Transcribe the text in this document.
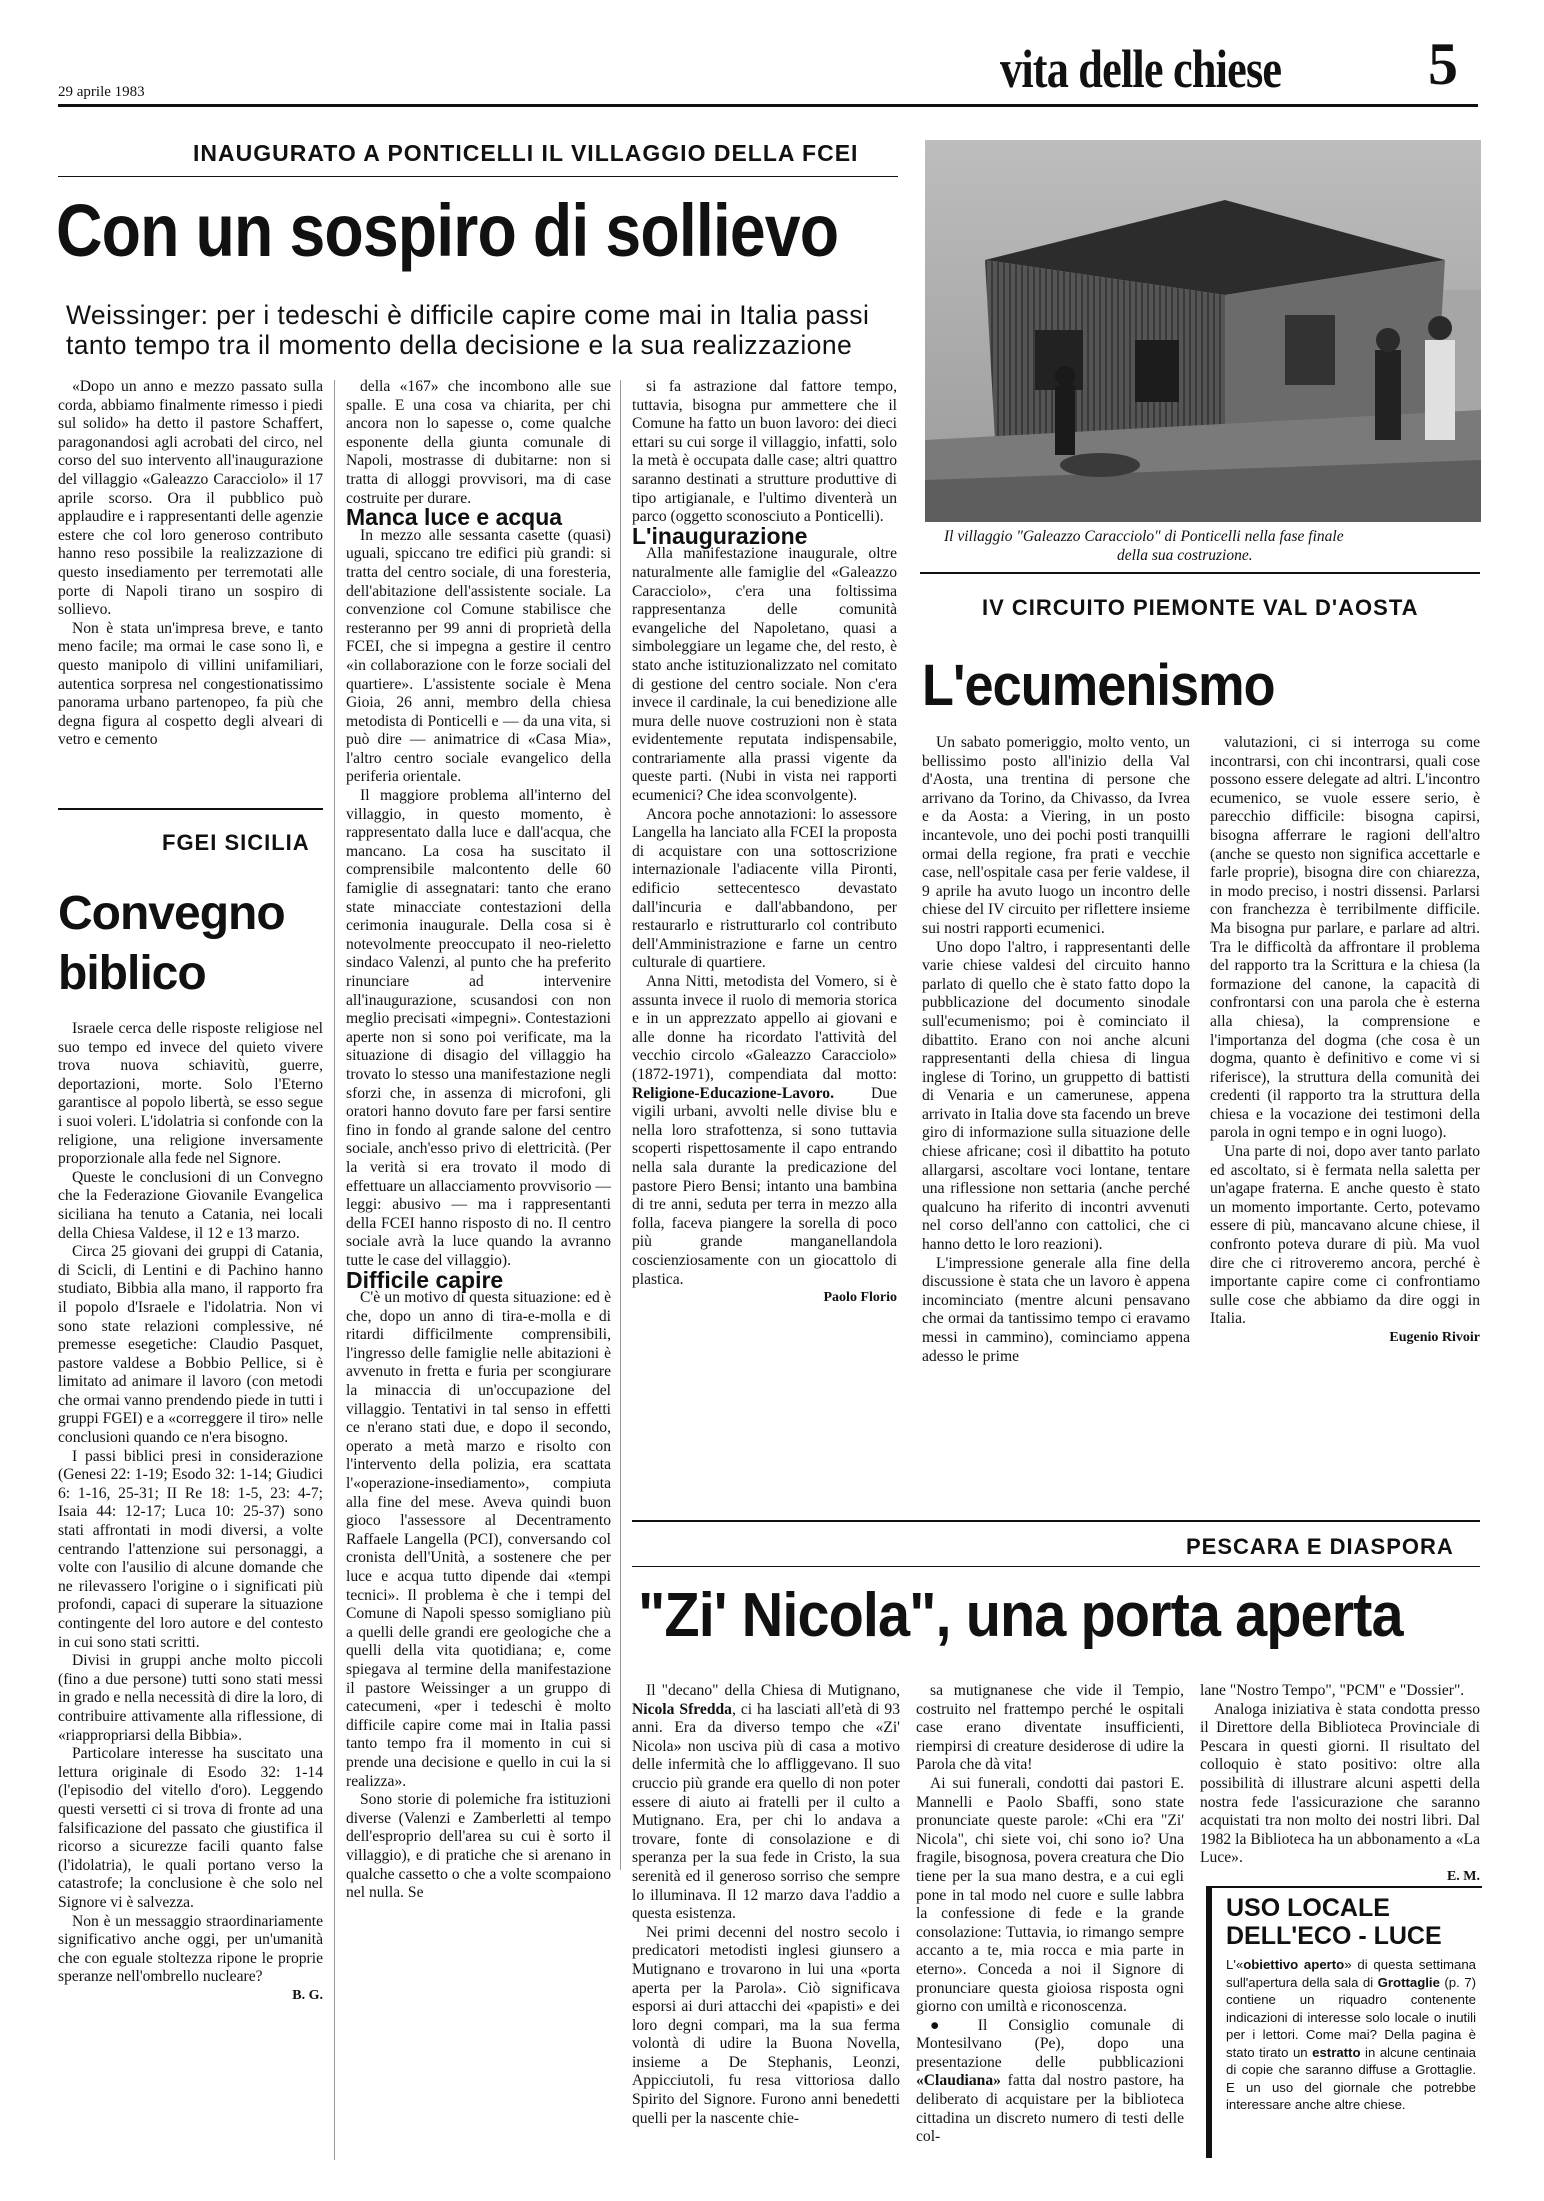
29 aprile 1983	vita delle chiese 5
INAUGURATO A PONTICELLI IL VILLAGGIO DELLA FCEI
Con un sospiro di sollievo
Weissinger: per i tedeschi è difficile capire come mai in Italia passi
tanto tempo tra il momento della decisione e la sua realizzazione
Il villaggio "Galeazzo Caracciolo" di Ponticelli nella fase finale
della sua costruzione.

«Dopo un anno e mezzo passato sulla corda, abbiamo finalmente rimesso i piedi sul solido» ha detto il pastore Schaffert, paragonandosi agli acrobati del circo, nel corso del suo intervento all'inaugurazione del villaggio «Galeazzo Caracciolo» il 17 aprile scorso. Ora il pubblico può applaudire e i rappresentanti delle agenzie estere che col loro generoso contributo hanno reso possibile la realizzazione di questo insediamento per terremotati alle porte di Napoli tirano un sospiro di sollievo.

Non è stata un'impresa breve, e tanto meno facile; ma ormai le case sono lì, e questo manipolo di villini unifamiliari, autentica sorpresa nel congestionatissimo panorama urbano partenopeo, fa più che degna figura al cospetto degli alveari di vetro e cemento

FGEI SICILIA
Convegno
biblico

Israele cerca delle risposte religiose nel suo tempo ed invece del quieto vivere trova nuova schiavitù, guerre, deportazioni, morte. Solo l'Eterno garantisce al popolo libertà, se esso segue i suoi voleri. L'idolatria si confonde con la religione, una religione inversamente proporzionale alla fede nel Signore.

Queste le conclusioni di un Convegno che la Federazione Giovanile Evangelica siciliana ha tenuto a Catania, nei locali della Chiesa Valdese, il 12 e 13 marzo.

Circa 25 giovani dei gruppi di Catania, di Scicli, di Lentini e di Pachino hanno studiato, Bibbia alla mano, il rapporto fra il popolo d'Israele e l'idolatria. Non vi sono state relazioni complessive, né premesse esegetiche: Claudio Pasquet, pastore valdese a Bobbio Pellice, si è limitato ad animare il lavoro (con metodi che ormai vanno prendendo piede in tutti i gruppi FGEI) e a «correggere il tiro» nelle conclusioni quando ce n'era bisogno.

I passi biblici presi in considerazione (Genesi 22: 1-19; Esodo 32: 1-14; Giudici 6: 1-16, 25-31; II Re 18: 1-5, 23: 4-7; Isaia 44: 12-17; Luca 10: 25-37) sono stati affrontati in modi diversi, a volte centrando l'attenzione sui personaggi, a volte con l'ausilio di alcune domande che ne rilevassero l'origine o i significati più profondi, capaci di superare la situazione contingente del loro autore e del contesto in cui sono stati scritti.

Divisi in gruppi anche molto piccoli (fino a due persone) tutti sono stati messi in grado e nella necessità di dire la loro, di contribuire attivamente alla riflessione, di «riappropriarsi della Bibbia».

Particolare interesse ha suscitato una lettura originale di Esodo 32: 1-14 (l'episodio del vitello d'oro). Leggendo questi versetti ci si trova di fronte ad una falsificazione del passato che giustifica il ricorso a sicurezze facili quanto false (l'idolatria), le quali portano verso la catastrofe; la conclusione è che solo nel Signore vi è salvezza.

Non è un messaggio straordinariamente significativo anche oggi, per un'umanità che con eguale stoltezza ripone le proprie speranze nell'ombrello nucleare?

B. G.

della «167» che incombono alle sue spalle. E una cosa va chiarita, per chi ancora non lo sapesse o, come qualche esponente della giunta comunale di Napoli, mostrasse di dubitarne: non si tratta di alloggi provvisori, ma di case costruite per durare.

Manca luce e acqua

In mezzo alle sessanta casette (quasi) uguali, spiccano tre edifici più grandi: si tratta del centro sociale, di una foresteria, dell'abitazione dell'assistente sociale. La convenzione col Comune stabilisce che resteranno per 99 anni di proprietà della FCEI, che si impegna a gestire il centro «in collaborazione con le forze sociali del quartiere». L'assistente sociale è Mena Gioia, 26 anni, membro della chiesa metodista di Ponticelli e — da una vita, si può dire — animatrice di «Casa Mia», l'altro centro sociale evangelico della periferia orientale.

Il maggiore problema all'interno del villaggio, in questo momento, è rappresentato dalla luce e dall'acqua, che mancano. La cosa ha suscitato il comprensibile malcontento delle 60 famiglie di assegnatari: tanto che erano state minacciate contestazioni della cerimonia inaugurale. Della cosa si è notevolmente preoccupato il neo-rieletto sindaco Valenzi, al punto che ha preferito rinunciare ad intervenire all'inaugurazione, scusandosi con non meglio precisati «impegni». Contestazioni aperte non si sono poi verificate, ma la situazione di disagio del villaggio ha trovato lo stesso una manifestazione negli sforzi che, in assenza di microfoni, gli oratori hanno dovuto fare per farsi sentire fino in fondo al grande salone del centro sociale, anch'esso privo di elettricità. (Per la verità si era trovato il modo di effettuare un allacciamento provvisorio — leggi: abusivo — ma i rappresentanti della FCEI hanno risposto di no. Il centro sociale avrà la luce quando la avranno tutte le case del villaggio).

Difficile capire

C'è un motivo di questa situazione: ed è che, dopo un anno di tira-e-molla e di ritardi difficilmente comprensibili, l'ingresso delle famiglie nelle abitazioni è avvenuto in fretta e furia per scongiurare la minaccia di un'occupazione del villaggio. Tentativi in tal senso in effetti ce n'erano stati due, e dopo il secondo, operato a metà marzo e risolto con l'intervento della polizia, era scattata l'«operazione-insediamento», compiuta alla fine del mese. Aveva quindi buon gioco l'assessore al Decentramento Raffaele Langella (PCI), conversando col cronista dell'Unità, a sostenere che per luce e acqua tutto dipende dai «tempi tecnici». Il problema è che i tempi del Comune di Napoli spesso somigliano più a quelli delle grandi ere geologiche che a quelli della vita quotidiana; e, come spiegava al termine della manifestazione il pastore Weissinger a un gruppo di catecumeni, «per i tedeschi è molto difficile capire come mai in Italia passi tanto tempo fra il momento in cui si prende una decisione e quello in cui la si realizza».

Sono storie di polemiche fra istituzioni diverse (Valenzi e Zamberletti al tempo dell'esproprio dell'area su cui è sorto il villaggio), e di pratiche che si arenano in qualche cassetto o che a volte scompaiono nel nulla. Se

si fa astrazione dal fattore tempo, tuttavia, bisogna pur ammettere che il Comune ha fatto un buon lavoro: dei dieci ettari su cui sorge il villaggio, infatti, solo la metà è occupata dalle case; altri quattro saranno destinati a strutture produttive di tipo artigianale, e l'ultimo diventerà un parco (oggetto sconosciuto a Ponticelli).

L'inaugurazione

Alla manifestazione inaugurale, oltre naturalmente alle famiglie del «Galeazzo Caracciolo», c'era una foltissima rappresentanza delle comunità evangeliche del Napoletano, quasi a simboleggiare un legame che, del resto, è stato anche istituzionalizzato nel comitato di gestione del centro sociale. Non c'era invece il cardinale, la cui benedizione alle mura delle nuove costruzioni non è stata evidentemente reputata indispensabile, contrariamente alla prassi vigente da queste parti. (Nubi in vista nei rapporti ecumenici? Che idea sconvolgente).

Ancora poche annotazioni: lo assessore Langella ha lanciato alla FCEI la proposta di acquistare con una sottoscrizione internazionale l'adiacente villa Pironti, edificio settecentesco devastato dall'incuria e dall'abbandono, per restaurarlo e ristrutturarlo col contributo dell'Amministrazione e farne un centro culturale di quartiere.

Anna Nitti, metodista del Vomero, si è assunta invece il ruolo di memoria storica e in un apprezzato appello ai giovani e alle donne ha ricordato l'attività del vecchio circolo «Galeazzo Caracciolo» (1872-1971), compendiata dal motto: Religione-Educazione-Lavoro. Due vigili urbani, avvolti nelle divise blu e nella loro strafottenza, si sono tuttavia scoperti rispettosamente il capo entrando nella sala durante la predicazione del pastore Piero Bensi; intanto una bambina di tre anni, seduta per terra in mezzo alla folla, faceva piangere la sorella di poco più grande manganellandola coscienziosamente con un giocattolo di plastica.

Paolo Florio

IV CIRCUITO PIEMONTE VAL D'AOSTA
L'ecumenismo

Un sabato pomeriggio, molto vento, un bellissimo posto all'inizio della Val d'Aosta, una trentina di persone che arrivano da Torino, da Chivasso, da Ivrea e da Aosta: a Viering, in un posto incantevole, uno dei pochi posti tranquilli ormai della regione, fra prati e vecchie case, nell'ospitale casa per ferie valdese, il 9 aprile ha avuto luogo un incontro delle chiese del IV circuito per riflettere insieme sui nostri rapporti ecumenici.

Uno dopo l'altro, i rappresentanti delle varie chiese valdesi del circuito hanno parlato di quello che è stato fatto dopo la pubblicazione del documento sinodale sull'ecumenismo; poi è cominciato il dibattito. Erano con noi anche alcuni rappresentanti della chiesa di lingua inglese di Torino, un gruppetto di battisti di Venaria e un camerunese, appena arrivato in Italia dove sta facendo un breve giro di informazione sulla situazione delle chiese africane; così il dibattito ha potuto allargarsi, ascoltare voci lontane, tentare una riflessione non settaria (anche perché qualcuno ha riferito di incontri avvenuti nel corso dell'anno con cattolici, che ci hanno detto le loro reazioni).

L'impressione generale alla fine della discussione è stata che un lavoro è appena incominciato (mentre alcuni pensavano che ormai da tantissimo tempo ci eravamo messi in cammino), cominciamo appena adesso le prime

valutazioni, ci si interroga su come incontrarsi, con chi incontrarsi, quali cose possono essere delegate ad altri. L'incontro ecumenico, se vuole essere serio, è parecchio difficile: bisogna capirsi, bisogna afferrare le ragioni dell'altro (anche se questo non significa accettarle e farle proprie), bisogna dire con chiarezza, in modo preciso, i nostri dissensi. Parlarsi con franchezza è terribilmente difficile. Ma bisogna pur parlare, e parlare ad altri. Tra le difficoltà da affrontare il problema del rapporto tra la Scrittura e la chiesa (la formazione del canone, la capacità di confrontarsi con una parola che è esterna alla chiesa), la comprensione e l'importanza del dogma (che cosa è un dogma, quanto è definitivo e come vi si riferisce), la struttura della comunità dei credenti (il rapporto tra la struttura della chiesa e la vocazione dei testimoni della parola in ogni tempo e in ogni luogo).

Una parte di noi, dopo aver tanto parlato ed ascoltato, si è fermata nella saletta per un'agape fraterna. E anche questo è stato un momento importante. Certo, potevamo essere di più, mancavano alcune chiese, il confronto poteva durare di più. Ma vuol dire che ci ritroveremo ancora, perché è importante capire come ci confrontiamo sulle cose che abbiamo da dire oggi in Italia.

Eugenio Rivoir

PESCARA E DIASPORA
"Zi' Nicola", una porta aperta

Il "decano" della Chiesa di Mutignano, Nicola Sfredda, ci ha lasciati all'età di 93 anni. Era da diverso tempo che «Zi' Nicola» non usciva più di casa a motivo delle infermità che lo affliggevano. Il suo cruccio più grande era quello di non poter essere di aiuto ai fratelli per il culto a Mutignano. Era, per chi lo andava a trovare, fonte di consolazione e di speranza per la sua fede in Cristo, la sua serenità ed il generoso sorriso che sempre lo illuminava. Il 12 marzo dava l'addio a questa esistenza.

Nei primi decenni del nostro secolo i predicatori metodisti inglesi giunsero a Mutignano e trovarono in lui una «porta aperta per la Parola». Ciò significava esporsi ai duri attacchi dei «papisti» e dei loro degni compari, ma la sua ferma volontà di udire la Buona Novella, insieme a De Stephanis, Leonzi, Appicciutoli, fu resa vittoriosa dallo Spirito del Signore. Furono anni benedetti quelli per la nascente chie-

sa mutignanese che vide il Tempio, costruito nel frattempo perché le ospitali case erano diventate insufficienti, riempirsi di creature desiderose di udire la Parola che dà vita!

Ai sui funerali, condotti dai pastori E. Mannelli e Paolo Sbaffi, sono state pronunciate queste parole: «Chi era "Zi' Nicola", chi siete voi, chi sono io? Una fragile, bisognosa, povera creatura che Dio tiene per la sua mano destra, e a cui egli pone in tal modo nel cuore e sulle labbra la confessione di fede e la grande consolazione: Tuttavia, io rimango sempre accanto a te, mia rocca e mia parte in eterno». Conceda a noi il Signore di pronunciare questa gioiosa risposta ogni giorno con umiltà e riconoscenza.

● Il Consiglio comunale di Montesilvano (Pe), dopo una presentazione delle pubblicazioni «Claudiana» fatta dal nostro pastore, ha deliberato di acquistare per la biblioteca cittadina un discreto numero di testi delle col-

lane "Nostro Tempo", "PCM" e "Dossier".

Analoga iniziativa è stata condotta presso il Direttore della Biblioteca Provinciale di Pescara in questi giorni. Il risultato del colloquio è stato positivo: oltre alla possibilità di illustrare alcuni aspetti della nostra fede l'assicurazione che saranno acquistati tra non molto dei nostri libri. Dal 1982 la Biblioteca ha un abbonamento a «La Luce».

E. M.

USO LOCALE
DELL'ECO - LUCE
L'«obiettivo aperto» di questa settimana sull'apertura della sala di Grottaglie (p. 7) contiene un riquadro contenente indicazioni di interesse solo locale o inutili per i lettori. Come mai? Della pagina è stato tirato un estratto in alcune centinaia di copie che saranno diffuse a Grottaglie. E un uso del giornale che potrebbe interessare anche altre chiese.
